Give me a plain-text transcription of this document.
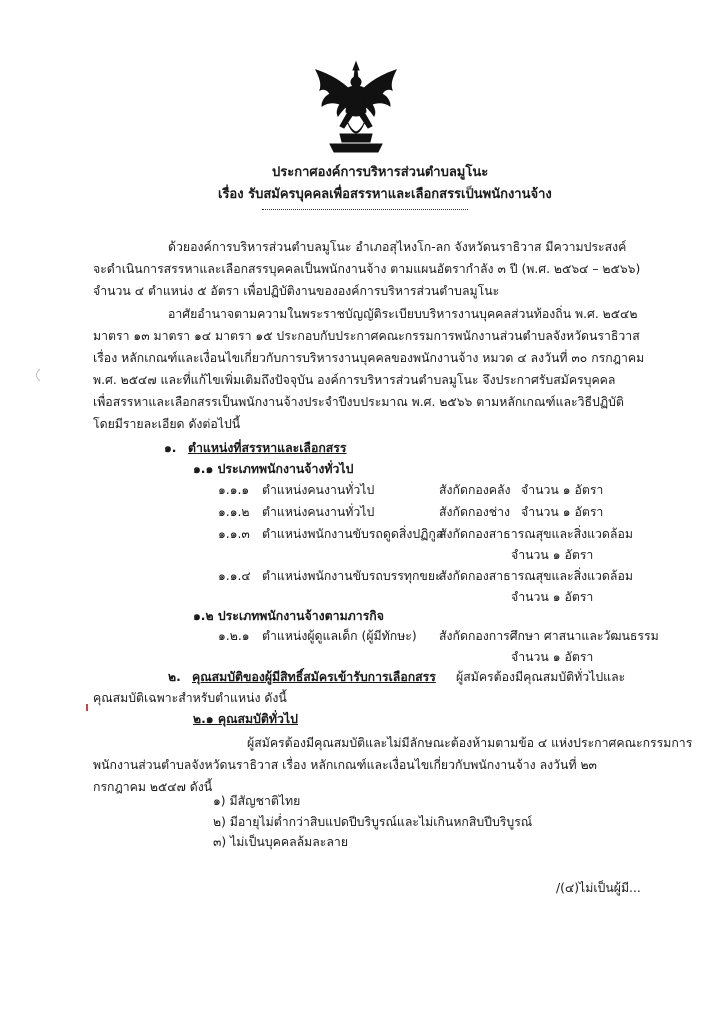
ประกาศองค์การบริหารส่วนตำบลมูโนะ
เรื่อง รับสมัครบุคคลเพื่อสรรหาและเลือกสรรเป็นพนักงานจ้าง
ด้วยองค์การบริหารส่วนตำบลมูโนะ อำเภอสุไหงโก-ลก จังหวัดนราธิวาส มีความประสงค์
จะดำเนินการสรรหาและเลือกสรรบุคคลเป็นพนักงานจ้าง ตามแผนอัตรากำลัง ๓ ปี (พ.ศ. ๒๕๖๔ – ๒๕๖๖)
จำนวน ๔ ตำแหน่ง ๕ อัตรา เพื่อปฏิบัติงานขององค์การบริหารส่วนตำบลมูโนะ
อาศัยอำนาจตามความในพระราชบัญญัติระเบียบบริหารงานบุคคลส่วนท้องถิ่น พ.ศ. ๒๕๔๒
มาตรา ๑๓ มาตรา ๑๔ มาตรา ๑๕ ประกอบกับประกาศคณะกรรมการพนักงานส่วนตำบลจังหวัดนราธิวาส
เรื่อง หลักเกณฑ์และเงื่อนไขเกี่ยวกับการบริหารงานบุคคลของพนักงานจ้าง หมวด ๔ ลงวันที่ ๓๐ กรกฎาคม
พ.ศ. ๒๕๔๗ และที่แก้ไขเพิ่มเติมถึงปัจจุบัน องค์การบริหารส่วนตำบลมูโนะ จึงประกาศรับสมัครบุคคล
เพื่อสรรหาและเลือกสรรเป็นพนักงานจ้างประจำปีงบประมาณ พ.ศ. ๒๕๖๖ ตามหลักเกณฑ์และวิธีปฏิบัติ
โดยมีรายละเอียด ดังต่อไปนี้
๑. ตำแหน่งที่สรรหาและเลือกสรร
๑.๑ ประเภทพนักงานจ้างทั่วไป
๑.๑.๑ ตำแหน่งคนงานทั่วไป	สังกัดกองคลัง จำนวน ๑ อัตรา
๑.๑.๒ ตำแหน่งคนงานทั่วไป	สังกัดกองช่าง จำนวน ๑ อัตรา
๑.๑.๓ ตำแหน่งพนักงานขับรถดูดสิ่งปฏิกูล
สังกัดกองสาธารณสุขและสิ่งแวดล้อม
จำนวน ๑ อัตรา
๑.๑.๔ ตำแหน่งพนักงานขับรถบรรทุกขยะ
สังกัดกองสาธารณสุขและสิ่งแวดล้อม
จำนวน ๑ อัตรา
๑.๒ ประเภทพนักงานจ้างตามภารกิจ
๑.๒.๑ ตำแหน่งผู้ดูแลเด็ก (ผู้มีทักษะ) สังกัดกองการศึกษา ศาสนาและวัฒนธรรม
จำนวน ๑ อัตรา
๒. คุณสมบัติของผู้มีสิทธิ์สมัครเข้ารับการเลือกสรร ผู้สมัครต้องมีคุณสมบัติทั่วไปและ
คุณสมบัติเฉพาะสำหรับตำแหน่ง ดังนี้
๒.๑ คุณสมบัติทั่วไป
ผู้สมัครต้องมีคุณสมบัติและไม่มีลักษณะต้องห้ามตามข้อ ๔ แห่งประกาศคณะกรรมการ
พนักงานส่วนตำบลจังหวัดนราธิวาส เรื่อง หลักเกณฑ์และเงื่อนไขเกี่ยวกับพนักงานจ้าง ลงวันที่ ๒๓
กรกฎาคม ๒๕๔๗ ดังนี้
๑) มีสัญชาติไทย
๒) มีอายุไม่ต่ำกว่าสิบแปดปีบริบูรณ์และไม่เกินหกสิบปีบริบูรณ์
๓) ไม่เป็นบุคคลล้มละลาย
/(๔)ไม่เป็นผู้มี...
